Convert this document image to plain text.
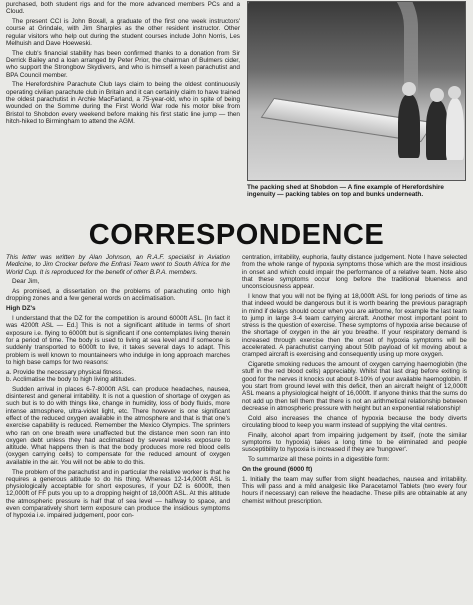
purchased, both student rigs and for the more advanced members PCs and a Cloud.

The present CCI is John Boxall, a graduate of the first one week instructors' course at Grindale, with Jim Sharples as the other resident instructor. Other regular visitors who help out during the student courses include John Norris, Les Melhuish and Dave Hoeweski.

The club's financial stability has been confirmed thanks to a donation from Sir Derrick Bailey and a loan arranged by Peter Prior, the chairman of Bulmers cider, who support the Strongbow Skydivers, and who is himself a keen parachutist and BPA Council member.

The Herefordshire Parachute Club lays claim to being the oldest continuously operating civilian parachute club in Britain and it can certainly claim to have trained the oldest parachutist in Archie MacFarland, a 75-year-old, who in spite of being wounded on the Somme during the First World War rode his motor bike from Bristol to Shobdon every weekend before making his first static line jump — then hitch-hiked to Birmingham to attend the AGM.

The packing shed at Shobdon — A fine example of Herefordshire ingenuity — packing tables on top and bunks underneath.
CORRESPONDENCE

This letter was written by Alan Johnson, an R.A.F. specialist in Aviation Medicine, to Jim Crocker before the Enfrasi Team went to South Africa for the World Cup. It is reproduced for the benefit of other B.P.A. members.

Dear Jim,

As promised, a dissertation on the problems of parachuting onto high dropping zones and a few general words on acclimatisation.

High DZ's

I understand that the DZ for the competition is around 6000ft ASL. [In fact it was 4200ft ASL — Ed.] This is not a significant altitude in terms of short exposure i.e. flying to 6000ft but is significant if one contemplates living therein for a period of time. The body is used to living at sea level and if someone is suddenly transported to 6000ft to live, it takes several days to adapt. This problem is well known to mountaineers who indulge in long approach marches to high base camps for two reasons:

a. Provide the necessary physical fitness.

b. Acclimatise the body to high living altitudes.

Sudden arrival in places 6-7-8000ft ASL can produce headaches, nausea, disinterest and general irritability. It is not a question of shortage of oxygen as such but is to do with things like, change in humidity, loss of body fluids, more intense atmosphere, ultra-violet light, etc. There however is one significant effect of the reduced oxygen available in the atmosphere and that is that one's exercise capability is reduced. Remember the Mexico Olympics. The sprinters who ran on one breath were unaffected but the distance men soon ran into oxygen debt unless they had acclimatised by several weeks exposure to altitude. What happens then is that the body produces more red blood cells (oxygen carrying cells) to compensate for the reduced amount of oxygen available in the air. You will not be able to do this.

The problem of the parachutist and in particular the relative worker is that he requires a generous altitude to do his thing. Whereas 12-14,000ft ASL is physiologically acceptable for short exposures, if your DZ is 6000ft, then 12,000ft of FF puts you up to a dropping height of 18,000ft ASL. At this altitude the atmospheric pressure is half that of sea level — halfway to space, and even comparatively short term exposure can produce the insidious symptoms of hypoxia i.e. impaired judgement, poor con-

centration, irritability, euphoria, faulty distance judgement. Note I have selected from the whole range of hypoxia symptoms those which are the most insidious in onset and which could impair the performance of a relative team. Note also that these symptoms occur long before the traditional blueness and unconsciousness appear.

I know that you will not be flying at 18,000ft ASL for long periods of time as that indeed would be dangerous but it is worth bearing the previous paragraph in mind if delays should occur when you are airborne, for example the last team to jump in large 3-4 team carrying aircraft. Another most important point to stress is the question of exercise. These symptoms of hypoxia arise because of the shortage of oxygen in the air you breathe. If your respiratory demand is increased through exercise then the onset of hypoxia symptoms will be accelerated. A parachutist carrying about 50lb payload of kit moving about a cramped aircraft is exercising and consequently using up more oxygen.

Cigarette smoking reduces the amount of oxygen carrying haemoglobin (the stuff in the red blood cells) appreciably. Whilst that last drag before exiting is good for the nerves it knocks out about 8-10% of your available haemoglobin. If you start from ground level with this deficit, then an aircraft height of 12,000ft ASL means a physiological height of 16,000ft. If anyone thinks that the sums do not add up then tell them that there is not an arithmetical relationship between decrease in atmospheric pressure with height but an exponential relationship!

Cold also increases the chance of hypoxia because the body diverts circulating blood to keep you warm instead of supplying the vital centres.

Finally, alcohol apart from impairing judgement by itself, (note the similar symptoms to hypoxia) takes a long time to be eliminated and people susceptibility to hypoxia is increased if they are 'hungover'.

To summarize all these points in a digestible form:

On the ground (6000 ft)

1. Initially the team may suffer from slight headaches, nausea and irritability. This will pass and a mild analgesic like Paracetamol Tablets (two every four hours if necessary) can relieve the headache. These pills are obtainable at any chemist without prescription.
